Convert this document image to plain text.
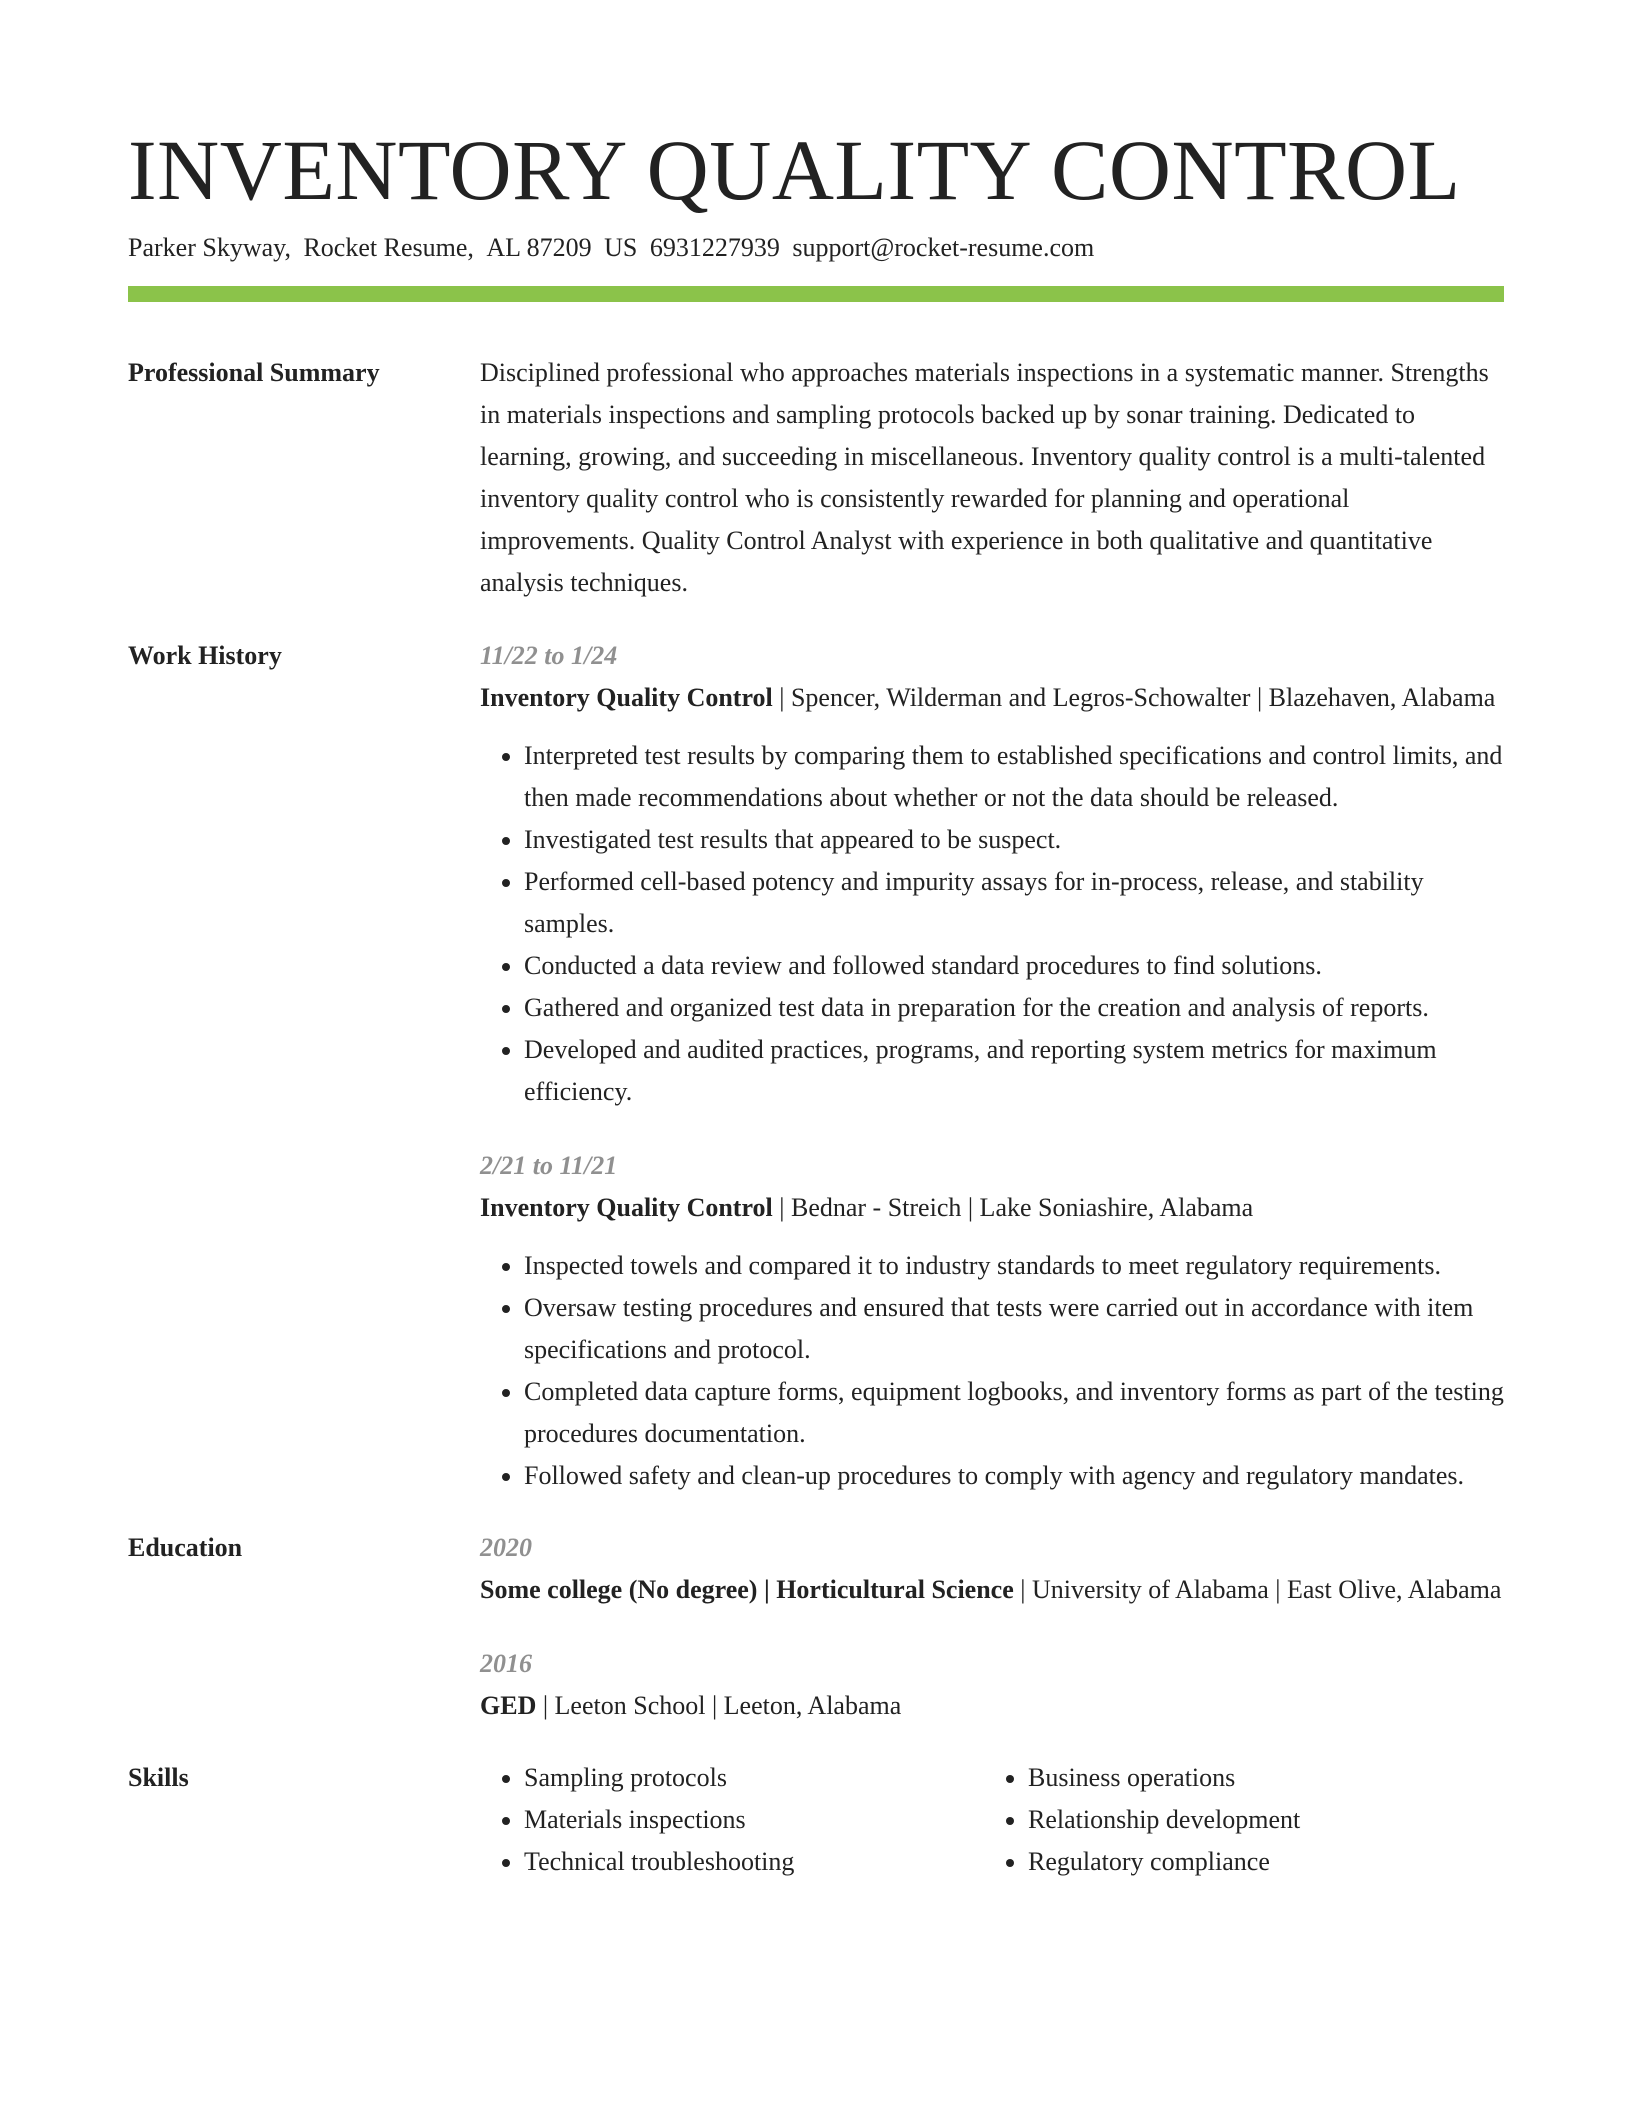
INVENTORY QUALITY CONTROL
Parker Skyway, Rocket Resume, AL 87209 US 6931227939 support@rocket-resume.com
Professional Summary	Disciplined professional who approaches materials inspections in a systematic manner. Strengths in materials inspections and sampling protocols backed up by sonar training. Dedicated to learning, growing, and succeeding in miscellaneous. Inventory quality control is a multi-talented inventory quality control who is consistently rewarded for planning and operational improvements. Quality Control Analyst with experience in both qualitative and quantitative analysis techniques.

Work History	11/22 to 1/24
Inventory Quality Control | Spencer, Wilderman and Legros-Schowalter | Blazehaven, Alabama
• Interpreted test results by comparing them to established specifications and control limits, and then made recommendations about whether or not the data should be released.
• Investigated test results that appeared to be suspect.
• Performed cell-based potency and impurity assays for in-process, release, and stability samples.
• Conducted a data review and followed standard procedures to find solutions.
• Gathered and organized test data in preparation for the creation and analysis of reports.
• Developed and audited practices, programs, and reporting system metrics for maximum efficiency.
2/21 to 11/21
Inventory Quality Control | Bednar - Streich | Lake Soniashire, Alabama
• Inspected towels and compared it to industry standards to meet regulatory requirements.
• Oversaw testing procedures and ensured that tests were carried out in accordance with item specifications and protocol.
• Completed data capture forms, equipment logbooks, and inventory forms as part of the testing procedures documentation.
• Followed safety and clean-up procedures to comply with agency and regulatory mandates.
Education	2020
Some college (No degree) | Horticultural Science | University of Alabama | East Olive, Alabama
2016
GED | Leeton School | Leeton, Alabama
Skills
•	Sampling protocols
• Materials inspections
• Technical troubleshooting
• Business operations
• Relationship development
• Regulatory compliance
